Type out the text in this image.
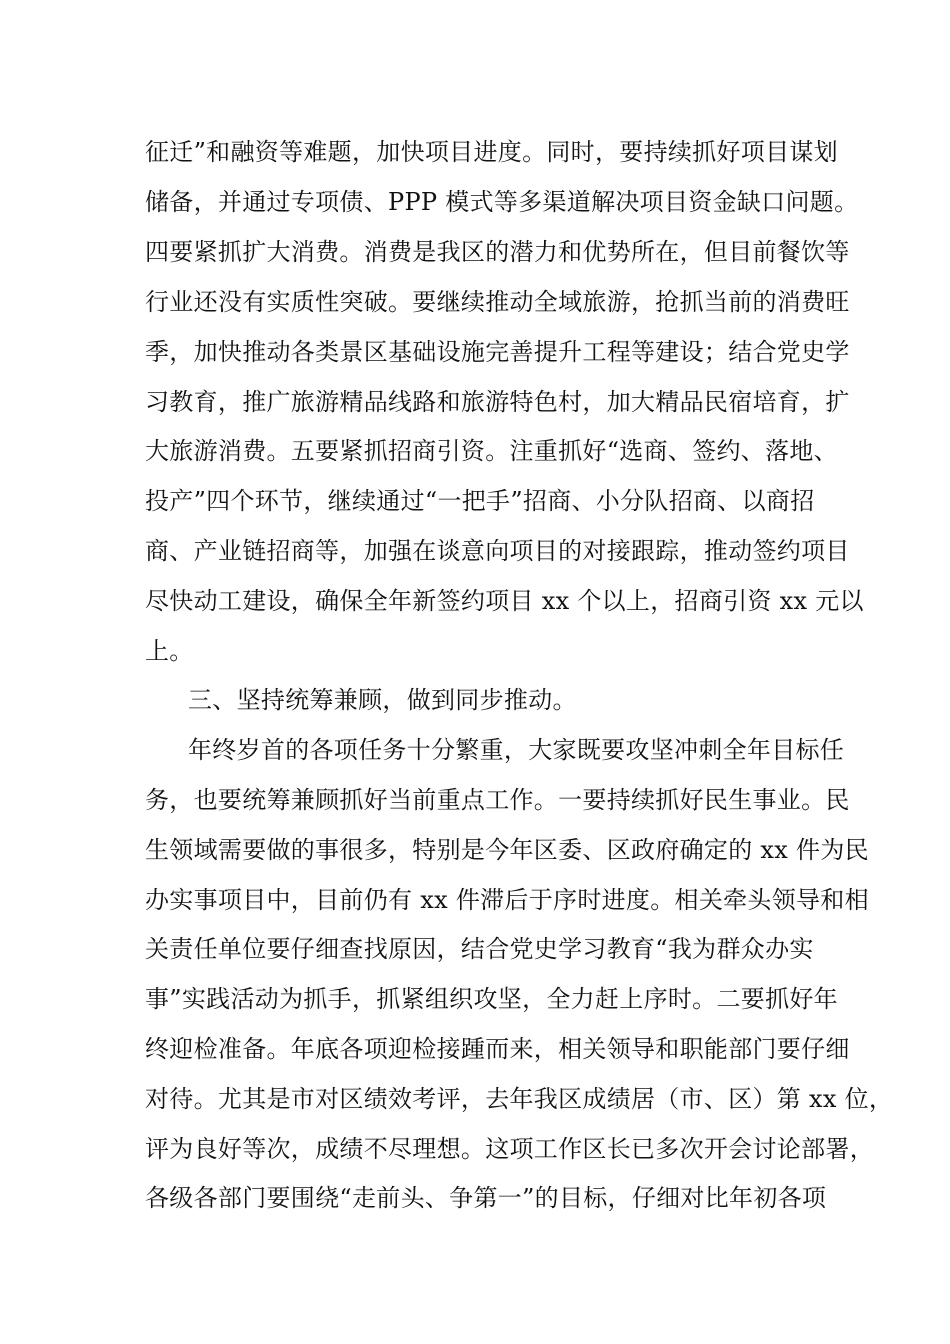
征迁”和融资等难题，加快项目进度。同时，要持续抓好项目谋划
储备，并通过专项债、PPP 模式等多渠道解决项目资金缺口问题。
四要紧抓扩大消费。消费是我区的潜力和优势所在，但目前餐饮等
行业还没有实质性突破。要继续推动全域旅游，抢抓当前的消费旺
季，加快推动各类景区基础设施完善提升工程等建设；结合党史学
习教育，推广旅游精品线路和旅游特色村，加大精品民宿培育，扩
大旅游消费。五要紧抓招商引资。注重抓好“选商、签约、落地、
投产”四个环节，继续通过“一把手”招商、小分队招商、以商招
商、产业链招商等，加强在谈意向项目的对接跟踪，推动签约项目
尽快动工建设，确保全年新签约项目 xx 个以上，招商引资 xx 元以
上。
三、坚持统筹兼顾，做到同步推动。
年终岁首的各项任务十分繁重，大家既要攻坚冲刺全年目标任
务，也要统筹兼顾抓好当前重点工作。一要持续抓好民生事业。民
生领域需要做的事很多，特别是今年区委、区政府确定的 xx 件为民
办实事项目中，目前仍有 xx 件滞后于序时进度。相关牵头领导和相
关责任单位要仔细查找原因，结合党史学习教育“我为群众办实
事”实践活动为抓手，抓紧组织攻坚，全力赶上序时。二要抓好年
终迎检准备。年底各项迎检接踵而来，相关领导和职能部门要仔细
对待。尤其是市对区绩效考评，去年我区成绩居（市、区）第 xx 位，
评为良好等次，成绩不尽理想。这项工作区长已多次开会讨论部署，
各级各部门要围绕“走前头、争第一”的目标，仔细对比年初各项
